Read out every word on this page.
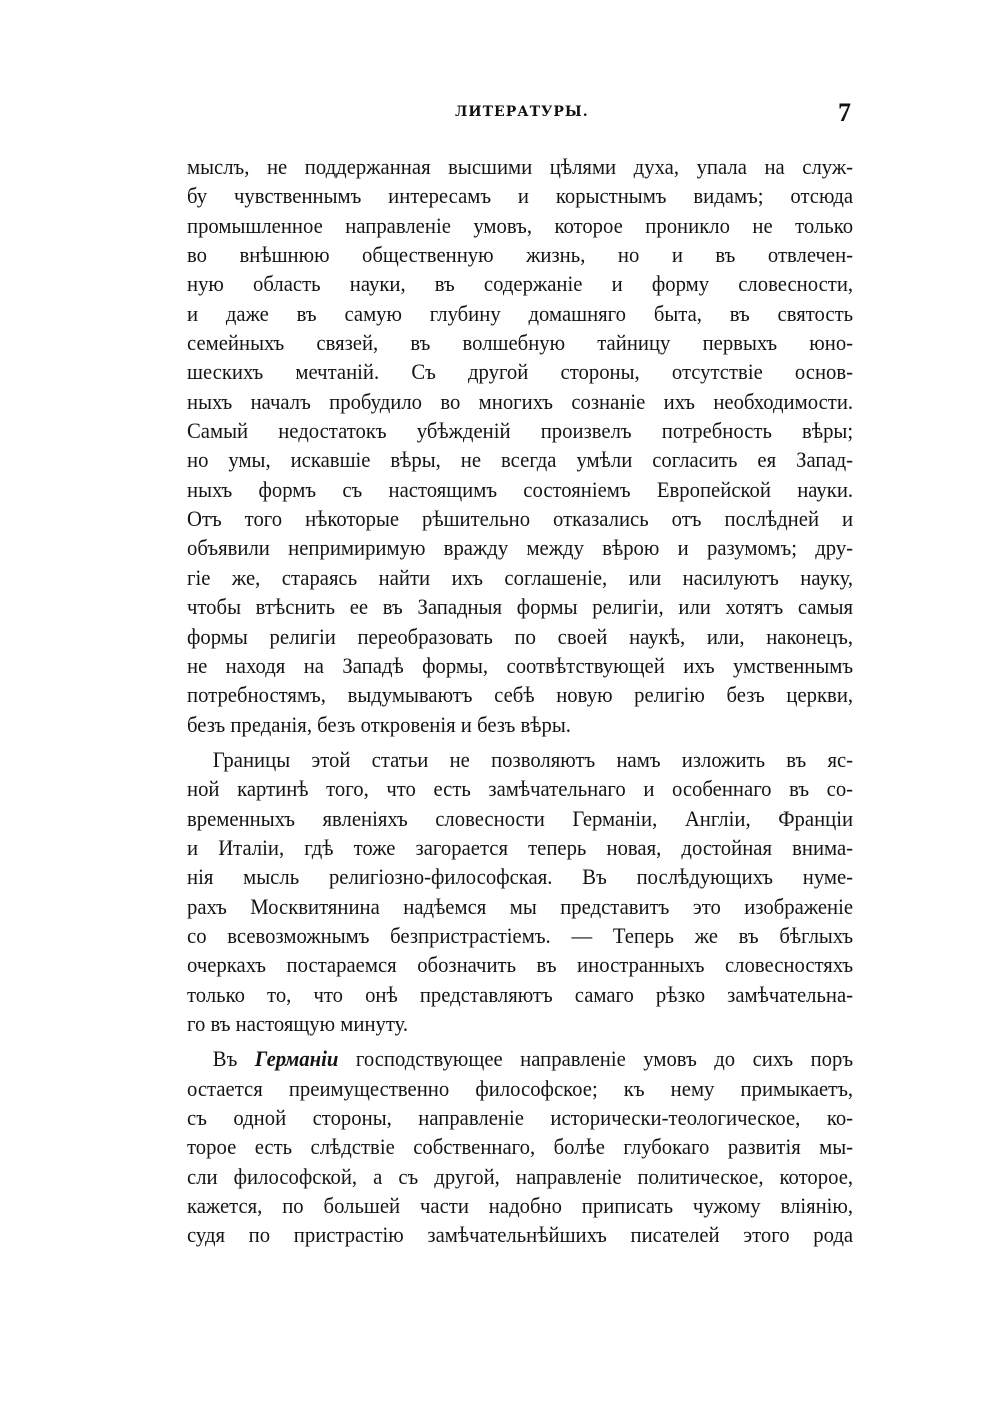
ЛИТЕРАТУРЫ.	7
мыслъ, не поддержанная высшими цѣлями духа, упала на служ-
бу чувственнымъ интересамъ и корыстнымъ видамъ; отсюда
промышленное направленіе умовъ, которое проникло не только
во внѣшнюю общественную жизнь, но и въ отвлечен-
ную область науки, въ содержаніе и форму словесности,
и даже въ самую глубину домашняго быта, въ святость
семейныхъ связей, въ волшебную тайницу первыхъ юно-
шескихъ мечтаній. Съ другой стороны, отсутствіе основ-
ныхъ началъ пробудило во многихъ сознаніе ихъ необходимости.
Самый недостатокъ убѣжденій произвелъ потребность вѣры;
но умы, искавшіе вѣры, не всегда умѣли согласить ея Запад-
ныхъ формъ съ настоящимъ состояніемъ Европейской науки.
Отъ того нѣкоторые рѣшительно отказались отъ послѣдней и
объявили непримиримую вражду между вѣрою и разумомъ; дру-
гіе же, стараясь найти ихъ соглашеніе, или насилуютъ науку,
чтобы втѣснить ее въ Западныя формы религіи, или хотятъ самыя
формы религіи переобразовать по своей наукѣ, или, наконецъ,
не находя на Западѣ формы, соотвѣтствующей ихъ умственнымъ
потребностямъ, выдумываютъ себѣ новую религію безъ церкви,
безъ преданія, безъ откровенія и безъ вѣры.
Границы этой статьи не позволяютъ намъ изложить въ яс-
ной картинѣ того, что есть замѣчательнаго и особеннаго въ со-
временныхъ явленіяхъ словесности Германіи, Англіи, Франціи
и Италіи, гдѣ тоже загорается теперь новая, достойная внима-
нія мысль религіозно-философская. Въ послѣдующихъ нуме-
рахъ Москвитянина надѣемся мы представитъ это изображеніе
со всевозможнымъ безпристрастіемъ. — Теперь же въ бѣглыхъ
очеркахъ постараемся обозначить въ иностранныхъ словесностяхъ
только то, что онѣ представляютъ самаго рѣзко замѣчательна-
го въ настоящую минуту.
Въ Германіи господствующее направленіе умовъ до сихъ поръ
остается преимущественно философское; къ нему примыкаетъ,
съ одной стороны, направленіе исторически-теологическое, ко-
торое есть слѣдствіе собственнаго, болѣе глубокаго развитія мы-
сли философской, а съ другой, направленіе политическое, которое,
кажется, по большей части надобно приписать чужому вліянію,
судя по пристрастію замѣчательнѣйшихъ писателей этого рода
